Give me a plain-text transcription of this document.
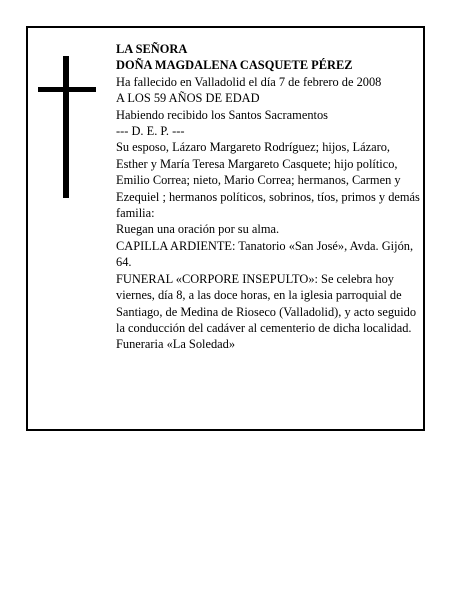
LA SEÑORA

DOÑA MAGDALENA CASQUETE PÉREZ

Ha fallecido en Valladolid el día 7 de febrero de 2008

A LOS 59 AÑOS DE EDAD

Habiendo recibido los Santos Sacramentos

--- D. E. P. ---

Su esposo, Lázaro Margareto Rodríguez; hijos, Lázaro, Esther y María Teresa Margareto Casquete; hijo político, Emilio Correa; nieto, Mario Correa; hermanos, Carmen y Ezequiel ; hermanos políticos, sobrinos, tíos, primos y demás familia:

Ruegan una oración por su alma.

CAPILLA ARDIENTE: Tanatorio «San José», Avda. Gijón, 64.

FUNERAL «CORPORE INSEPULTO»: Se celebra hoy viernes, día 8, a las doce horas, en la iglesia parroquial de Santiago, de Medina de Rioseco (Valladolid), y acto seguido la conducción del cadáver al cementerio de dicha localidad.

Funeraria «La Soledad»
